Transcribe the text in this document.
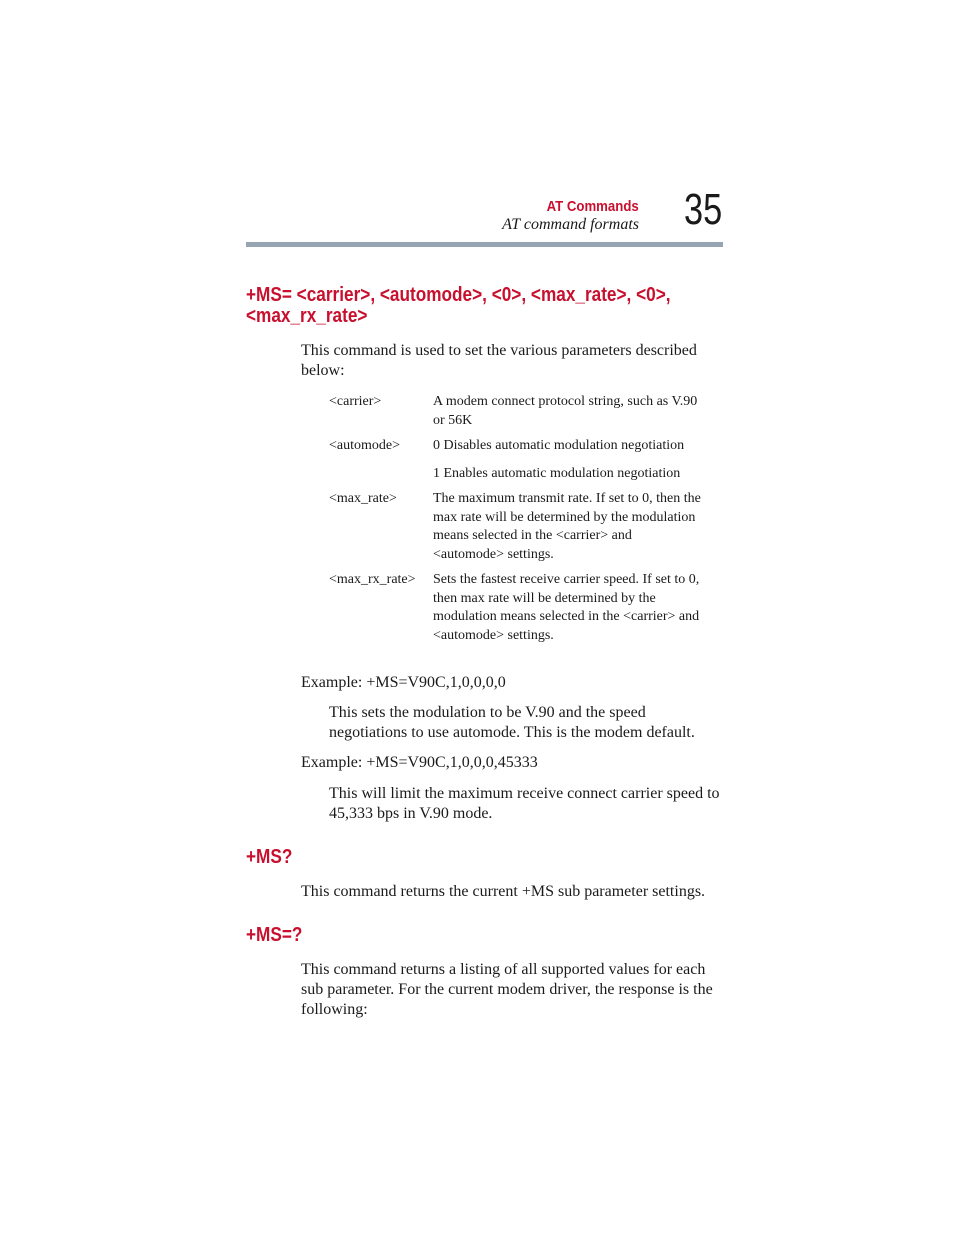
AT Commands
AT command formats 35
+MS= <carrier>, <automode>, <0>, <max_rate>, <0>,
<max_rx_rate>
This command is used to set the various parameters described below:
<carrier>	A modem connect protocol string, such as V.90 or 56K
<automode> 0 Disables automatic modulation negotiation
1 Enables automatic modulation negotiation
<max_rate>	The maximum transmit rate. If set to 0, then the max rate will be determined by the modulation means selected in the <carrier> and <automode> settings.
<max_rx_rate> Sets the fastest receive carrier speed. If set to 0, then max rate will be determined by the modulation means selected in the <carrier> and <automode> settings.
Example: +MS=V90C,1,0,0,0,0
This sets the modulation to be V.90 and the speed negotiations to use automode. This is the modem default.
Example: +MS=V90C,1,0,0,0,45333
This will limit the maximum receive connect carrier speed to 45,333 bps in V.90 mode.
+MS?
This command returns the current +MS sub parameter settings.
+MS=?
This command returns a listing of all supported values for each sub parameter. For the current modem driver, the response is the following:
